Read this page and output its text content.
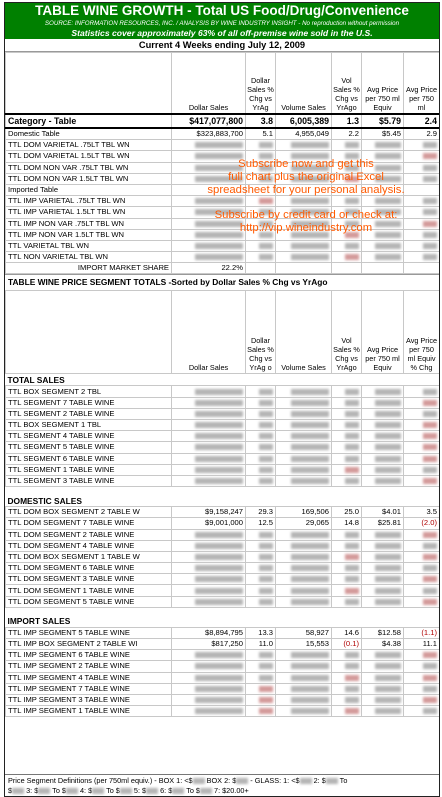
TABLE WINE GROWTH - Total US Food/Drug/Convenience
SOURCE: INFORMATION RESOURCES, INC. / ANALYSIS BY WINE INDUSTRY INSIGHT - No reproduction without permission
Statistics cover approximately 63% of all off-premise wine sold in the U.S.
Current 4 Weeks ending July 12, 2009
	Dollar Sales	Dollar Sales % Chg vs YrAg	Volume Sales	Vol Sales % Chg vs YrAgo	Avg Price per 750 ml Equiv	Avg Price per 750 ml
Category - Table	$417,077,800	3.8	6,005,389	1.3	$5.79	2.4
Domestic Table	$323,883,700	5.1	4,955,049	2.2	$5.45	2.9
TTL DOM VARIETAL .75LT TBL WN						
TTL DOM VARIETAL 1.5LT TBL WN						
TTL DOM NON VAR .75LT TBL WN						
TTL DOM NON VAR 1.5LT TBL WN						
Imported Table						
TTL IMP VARIETAL .75LT TBL WN						
TTL IMP VARIETAL 1.5LT TBL WN						
TTL IMP NON VAR .75LT TBL WN						
TTL IMP NON VAR 1.5LT TBL WN						
TTL VARIETAL TBL WN						
TTL NON VARIETAL TBL WN						
IMPORT MARKET SHARE	22.2%					
TABLE WINE PRICE SEGMENT TOTALS -Sorted by Dollar Sales % Chg vs YrAgo
	Dollar Sales	Dollar Sales % Chg vs YrAg o	Volume Sales	Vol Sales % Chg vs YrAgo	Avg Price per 750 ml Equiv	Avg Price per 750 ml Equiv % Chg
TOTAL SALES						
TTL BOX SEGMENT 2 TBL						
TTL SEGMENT 7 TABLE WINE						
TTL SEGMENT 2 TABLE WINE						
TTL BOX SEGMENT 1 TBL						
TTL SEGMENT 4 TABLE WINE						
TTL SEGMENT 5 TABLE WINE						
TTL SEGMENT 6 TABLE WINE						
TTL SEGMENT 1 TABLE WINE						
TTL SEGMENT 3 TABLE WINE						

DOMESTIC SALES						
TTL DOM BOX SEGMENT 2 TABLE W	$9,158,247	29.3	169,506	25.0	$4.01	3.5
TTL DOM SEGMENT 7 TABLE WINE	$9,001,000	12.5	29,065	14.8	$25.81	(2.0)
TTL DOM SEGMENT 2 TABLE WINE						
TTL DOM SEGMENT 4 TABLE WINE						
TTL DOM BOX SEGMENT 1 TABLE W						
TTL DOM SEGMENT 6 TABLE WINE						
TTL DOM SEGMENT 3 TABLE WINE						
TTL DOM SEGMENT 1 TABLE WINE						
TTL DOM SEGMENT 5 TABLE WINE						

IMPORT SALES						
TTL IMP SEGMENT 5 TABLE WINE	$8,894,795	13.3	58,927	14.6	$12.58	(1.1)
TTL IMP BOX SEGMENT 2 TABLE WI	$817,250	11.0	15,553	(0.1)	$4.38	11.1
TTL IMP SEGMENT 6 TABLE WINE						
TTL IMP SEGMENT 2 TABLE WINE						
TTL IMP SEGMENT 4 TABLE WINE						
TTL IMP SEGMENT 7 TABLE WINE						
TTL IMP SEGMENT 3 TABLE WINE						
TTL IMP SEGMENT 1 TABLE WINE						
Subscribe now and get this
full chart plus the original Excel
spreadsheet for your personal analysis.
Subscribe by credit card or check at:
http://vip.wineindustry.com
Price Segment Definitions (per 750ml equiv.) - BOX 1: <$ BOX 2: $ - GLASS: 1: <$ 2: $ To
$ 3: $ To $ 4: $ To $ 5: $ 6: $ To $ 7: $20.00+
